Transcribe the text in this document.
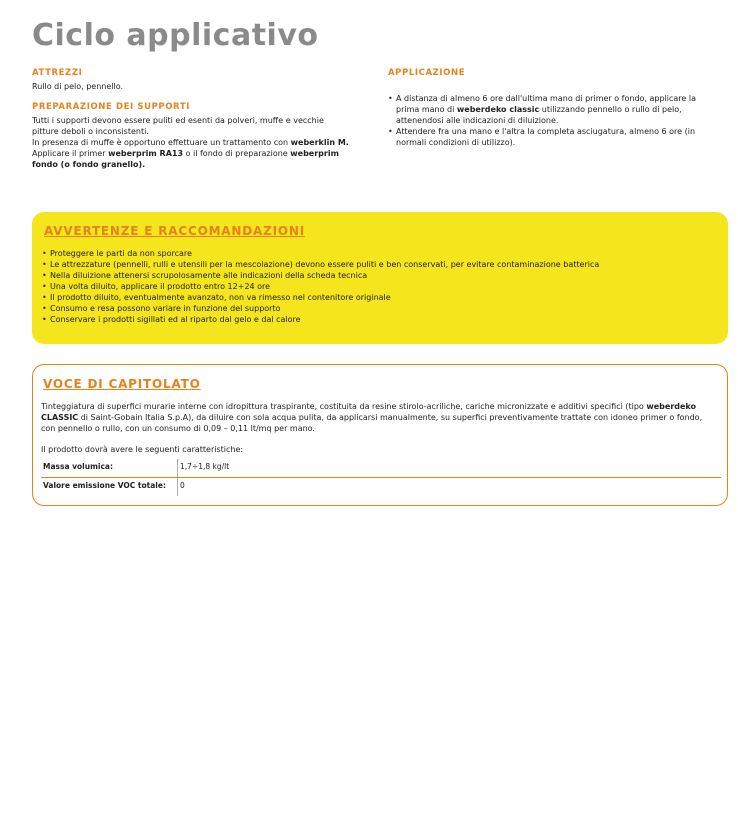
Ciclo applicativo
ATTREZZI

Rullo di pelo, pennello.

PREPARAZIONE DEI SUPPORTI

Tutti i supporti devono essere puliti ed esenti da polveri, muffe e vecchie pitture deboli o inconsistenti.

In presenza di muffe è opportuno effettuare un trattamento con weberklin M.

Applicare il primer weberprim RA13 o il fondo di preparazione weberprim fondo (o fondo granello).

APPLICAZIONE
• A distanza di almeno 6 ore dall'ultima mano di primer o fondo, applicare la prima mano di weberdeko classic utilizzando pennello o rullo di pelo, attenendosi alle indicazioni di diluizione.
• Attendere fra una mano e l'altra la completa asciugatura, almeno 6 ore (in normali condizioni di utilizzo).
AVVERTENZE E RACCOMANDAZIONI
• Proteggere le parti da non sporcare
• Le attrezzature (pennelli, rulli e utensili per la mescolazione) devono essere puliti e ben conservati, per evitare contaminazione batterica
• Nella diluizione attenersi scrupolosamente alle indicazioni della scheda tecnica
• Una volta diluito, applicare il prodotto entro 12÷24 ore
• Il prodotto diluito, eventualmente avanzato, non va rimesso nel contenitore originale
• Consumo e resa possono variare in funzione del supporto
• Conservare i prodotti sigillati ed al riparto dal gelo e dal calore
VOCE DI CAPITOLATO

Tinteggiatura di superfici murarie interne con idropittura traspirante, costituita da resine stirolo-acriliche, cariche micronizzate e additivi specifici (tipo weberdeko CLASSIC di Saint-Gobain Italia S.p.A), da diluire con sola acqua pulita, da applicarsi manualmente, su superfici preventivamente trattate con idoneo primer o fondo, con pennello o rullo, con un consumo di 0,09 – 0,11 lt/mq per mano.

Il prodotto dovrà avere le seguenti caratteristiche:

Massa volumica:	1,7÷1,8 kg/lt
Valore emissione VOC totale:	0
